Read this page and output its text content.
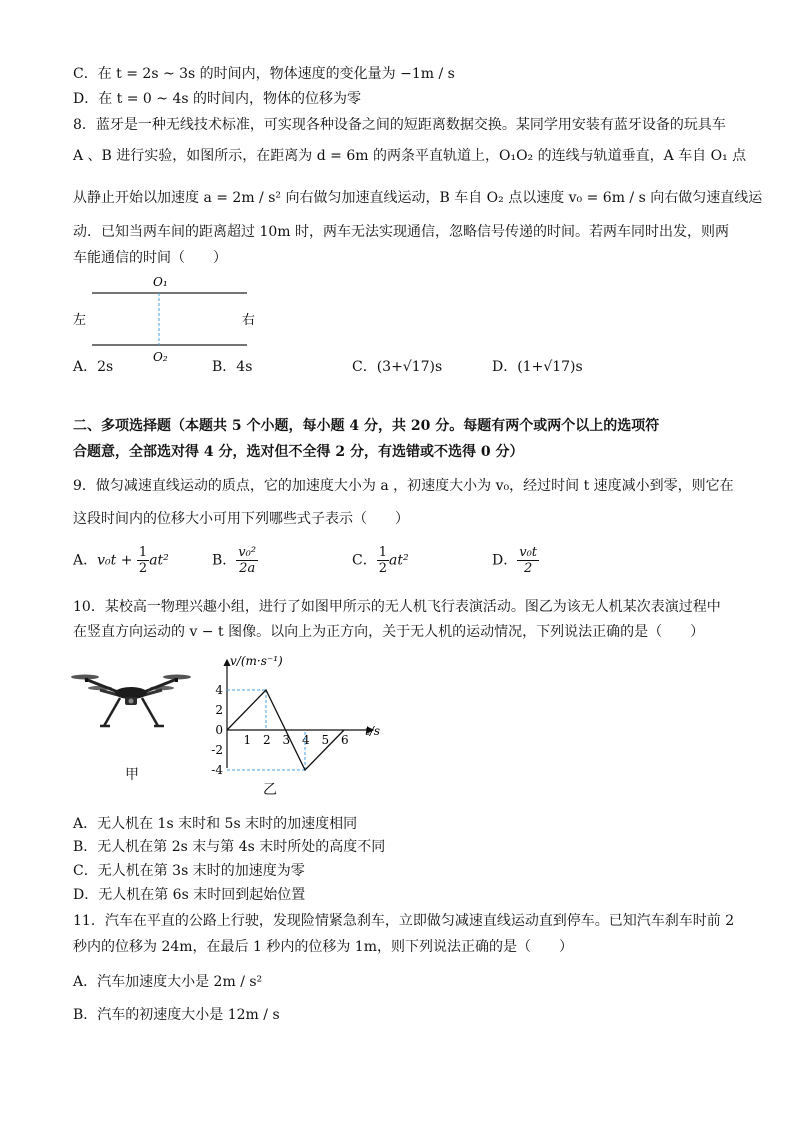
C．在 t = 2s ~ 3s 的时间内，物体速度的变化量为 −1m / s
D．在 t = 0 ~ 4s 的时间内，物体的位移为零
8．蓝牙是一种无线技术标准，可实现各种设备之间的短距离数据交换。某同学用安装有蓝牙设备的玩具车
A 、B 进行实验，如图所示，在距离为 d = 6m 的两条平直轨道上，O₁O₂ 的连线与轨道垂直，A 车自 O₁ 点
从静止开始以加速度 a = 2m / s² 向右做匀加速直线运动，B 车自 O₂ 点以速度 v₀ = 6m / s 向右做匀速直线运
动．已知当两车间的距离超过 10m 时，两车无法实现通信，忽略信号传递的时间。若两车同时出发，则两
车能通信的时间（　　）
O₁
O₂
左	右
A．2s	B．4s	C．(3+√17)s	D．(1+√17)s
二、多项选择题（本题共 5 个小题，每小题 4 分，共 20 分。每题有两个或两个以上的选项符
合题意，全部选对得 4 分，选对但不全得 2 分，有选错或不选得 0 分）
9．做匀减速直线运动的质点，它的加速度大小为 a ，初速度大小为 v₀，经过时间 t 速度减小到零，则它在
这段时间内的位移大小可用下列哪些式子表示（　　）
A．$v_0t + \frac{1}{2} at^2$	B． $\frac{\text{v₀²}}{2a}$	C． $\frac{1}{2} at^2$	D． $\frac{\text{v₀t}}{2}$
10．某校高一物理兴趣小组，进行了如图甲所示的无人机飞行表演活动。图乙为该无人机某次表演过程中
在竖直方向运动的 v − t 图像。以向上为正方向，关于无人机的运动情况，下列说法正确的是（　　）
甲
v/(m·s⁻¹)
t/s
1 2 3 4 5 6
4
2
0
-2
-4
乙
A．无人机在 1s 末时和 5s 末时的加速度相同
B．无人机在第 2s 末与第 4s 末时所处的高度不同
C．无人机在第 3s 末时的加速度为零
D．无人机在第 6s 末时回到起始位置
11．汽车在平直的公路上行驶，发现险情紧急刹车，立即做匀减速直线运动直到停车。已知汽车刹车时前 2
秒内的位移为 24m，在最后 1 秒内的位移为 1m，则下列说法正确的是（　　）
A．汽车加速度大小是 2m / s²
B．汽车的初速度大小是 12m / s
